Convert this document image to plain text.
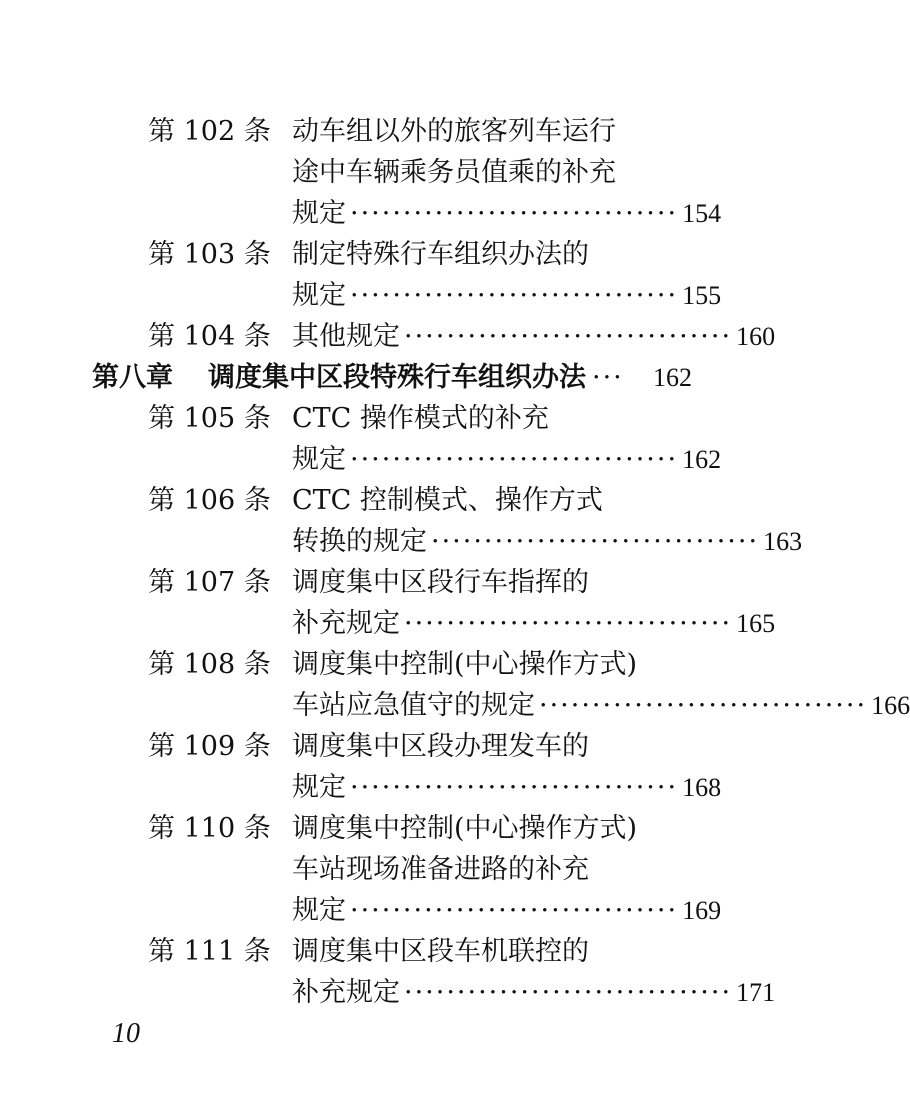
第 102 条 动车组以外的旅客列车运行
途中车辆乘务员值乘的补充
规定 ······························· 154
第 103 条 制定特殊行车组织办法的
规定 ······························· 155
第 104 条 其他规定 ······························· 160
第八章	调度集中区段特殊行车组织办法 ···	162
第 105 条 CTC 操作模式的补充
规定 ······························· 162
第 106 条 CTC 控制模式、操作方式
转换的规定 ······························· 163
第 107 条 调度集中区段行车指挥的
补充规定 ······························· 165
第 108 条 调度集中控制(中心操作方式)
车站应急值守的规定 ······························· 166
第 109 条 调度集中区段办理发车的
规定 ······························· 168
第 110 条 调度集中控制(中心操作方式)
车站现场准备进路的补充
规定 ······························· 169
第 111 条 调度集中区段车机联控的
补充规定 ······························· 171
10
